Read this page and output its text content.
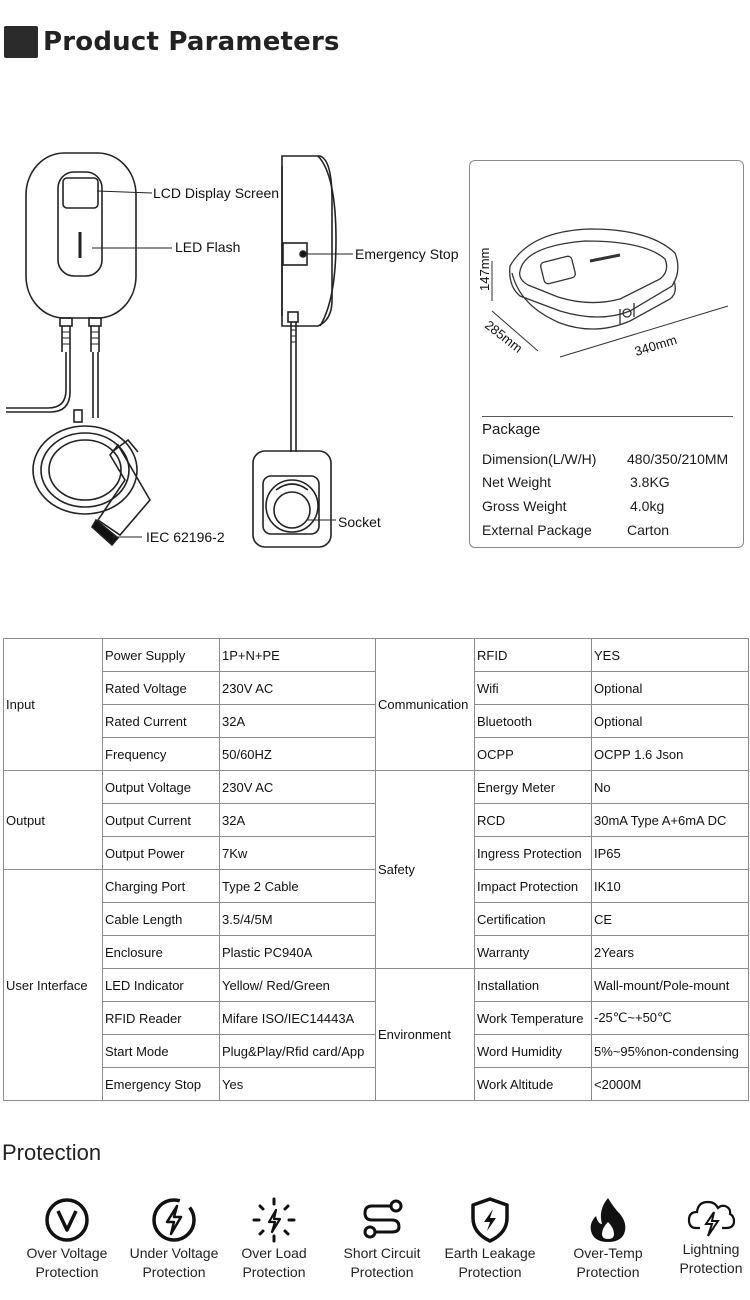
Product Parameters
LCD Display Screen
LED Flash	Emergency Stop
Socket
IEC 62196-2
147mm
285mm	340mm
Package
Dimension(L/W/H) 480/350/210MM
Net Weight	3.8KG
Gross Weight	4.0kg
External Package	Carton
Input	Power Supply	1P+N+PE	Communication	RFID	YES
	Rated Voltage	230V AC		Wifi	Optional
	Rated Current	32A		Bluetooth	Optional
	Frequency	50/60HZ		OCPP	OCPP 1.6 Json
Output	Output Voltage	230V AC	Safety	Energy Meter	No
	Output Current	32A		RCD	30mA Type A+6mA DC
	Output Power	7Kw		Ingress Protection	IP65
User Interface	Charging Port	Type 2 Cable		Impact Protection	IK10
	Cable Length	3.5/4/5M		Certification	CE
	Enclosure	Plastic PC940A		Warranty	2Years
	LED Indicator	Yellow/ Red/Green	Environment	Installation	Wall-mount/Pole-mount
	RFID Reader	Mifare ISO/IEC14443A		Work Temperature	-25℃~+50℃
	Start Mode	Plug&Play/Rfid card/App		Word Humidity	5%~95%non-condensing
	Emergency Stop	Yes		Work Altitude	<2000M
Protection
Over Voltage
Protection
Under Voltage
Protection
Over Load
Protection
Short Circuit
Protection
Earth Leakage
Protection
Over-Temp
Protection
Lightning
Protection
